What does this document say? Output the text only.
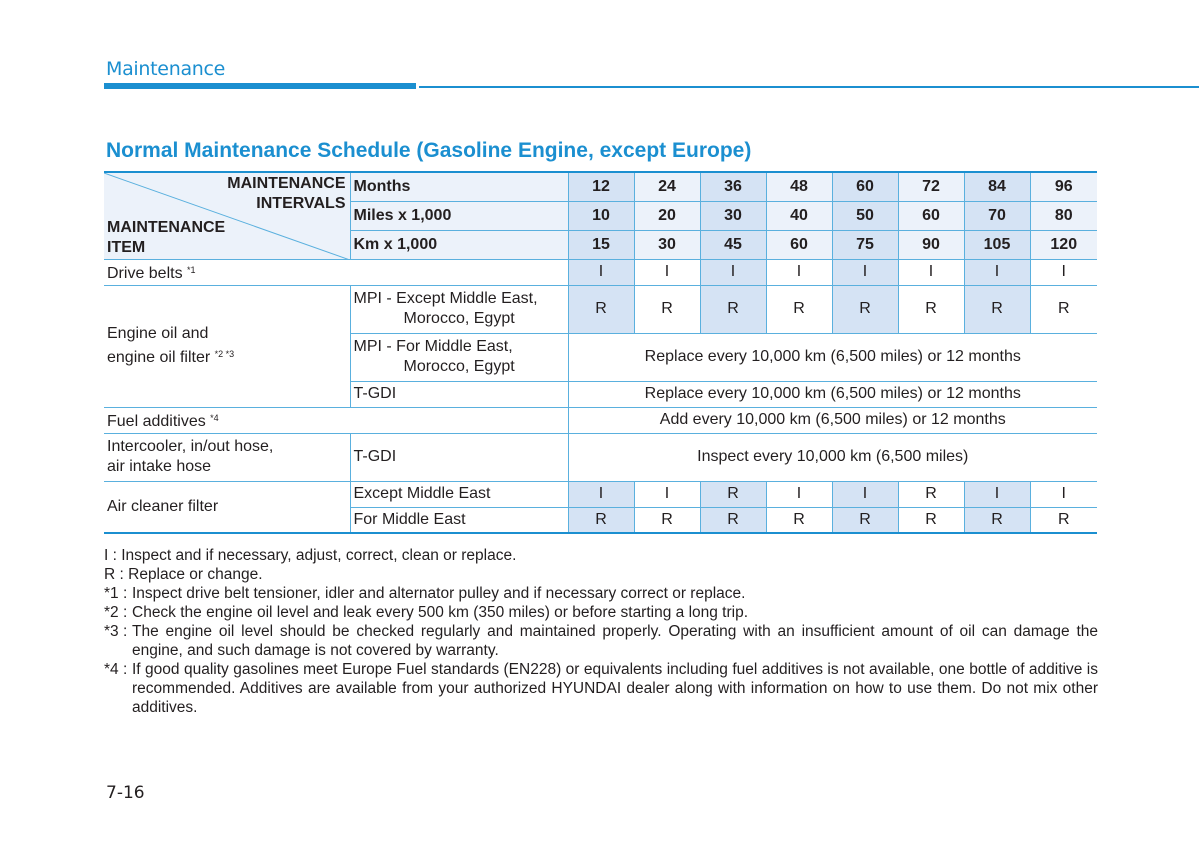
Maintenance
Normal Maintenance Schedule (Gasoline Engine, except Europe)
MAINTENANCE
INTERVALS
MAINTENANCE
ITEM	Months	12	24	36	48	60	72	84	96
	Miles x 1,000	10	20	30	40	50	60	70	80
	Km x 1,000	15	30	45	60	75	90	105	120
Drive belts $^{*1}$		I	I	I	I	I	I	I	I
Engine oil and
engine oil filter $^{*2 *3}$	MPI - Except Middle East,
Morocco, Egypt	R	R	R	R	R	R	R	R
	MPI - For Middle East,
Morocco, Egypt	Replace every 10,000 km (6,500 miles) or 12 months							
	T-GDI	Replace every 10,000 km (6,500 miles) or 12 months							
Fuel additives $^{*4}$		Add every 10,000 km (6,500 miles) or 12 months							
Intercooler, in/out hose,
air intake hose	T-GDI	Inspect every 10,000 km (6,500 miles)							
Air cleaner filter	Except Middle East	I	I	R	I	I	R	I	I
	For Middle East	R	R	R	R	R	R	R	R
I :
Inspect and if necessary, adjust, correct, clean or replace.
R :
Replace or change.
*1 : Inspect drive belt tensioner, idler and alternator pulley and if necessary correct or replace.
*2 : Check the engine oil level and leak every 500 km (350 miles) or before starting a long trip.
*3 : The engine oil level should be checked regularly and maintained properly. Operating with an insufficient amount of oil can damage the engine, and such damage is not covered by warranty.
*4 : If good quality gasolines meet Europe Fuel standards (EN228) or equivalents including fuel additives is not available, one bottle of additive is recommended. Additives are available from your authorized HYUNDAI dealer along with information on how to use them. Do not mix other additives.
7-16
